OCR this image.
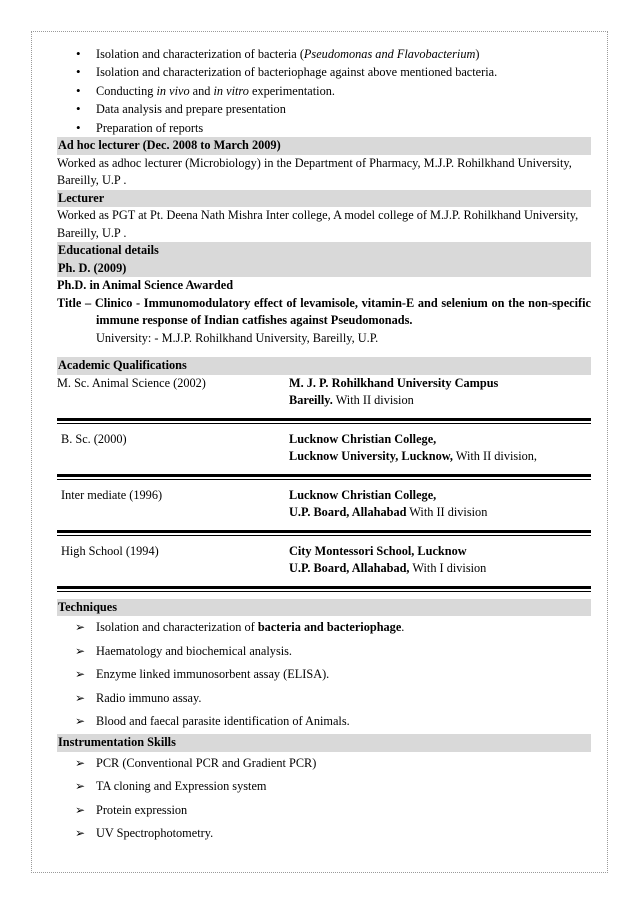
• Isolation and characterization of bacteria (Pseudomonas and Flavobacterium)
• Isolation and characterization of bacteriophage against above mentioned bacteria.
• Conducting in vivo and in vitro experimentation.
• Data analysis and prepare presentation
• Preparation of reports
Ad hoc lecturer (Dec. 2008 to March 2009)
Worked as adhoc lecturer (Microbiology) in the Department of Pharmacy, M.J.P. Rohilkhand University, Bareilly, U.P .
Lecturer
Worked as PGT at Pt. Deena Nath Mishra Inter college, A model college of M.J.P. Rohilkhand University, Bareilly, U.P .
Educational details
Ph. D. (2009)
Ph.D. in Animal Science Awarded
Title – Clinico - Immunomodulatory effect of levamisole, vitamin-E and selenium on the non-specific immune response of Indian catfishes against Pseudomonads.
University: - M.J.P. Rohilkhand University, Bareilly, U.P.
Academic Qualifications
M. Sc. Animal Science (2002)	M. J. P. Rohilkhand University Campus
Bareilly. With II division
B. Sc. (2000)	Lucknow Christian College,
Lucknow University, Lucknow, With II division,
Inter mediate (1996)	Lucknow Christian College,
U.P. Board, Allahabad With II division
High School (1994)	City Montessori School, Lucknow
U.P. Board, Allahabad, With I division
Techniques
➢ Isolation and characterization of bacteria and bacteriophage.
➢ Haematology and biochemical analysis.
➢ Enzyme linked immunosorbent assay (ELISA).
➢ Radio immuno assay.
➢ Blood and faecal parasite identification of Animals.
Instrumentation Skills
➢ PCR (Conventional PCR and Gradient PCR)
➢ TA cloning and Expression system
➢ Protein expression
➢ UV Spectrophotometry.
